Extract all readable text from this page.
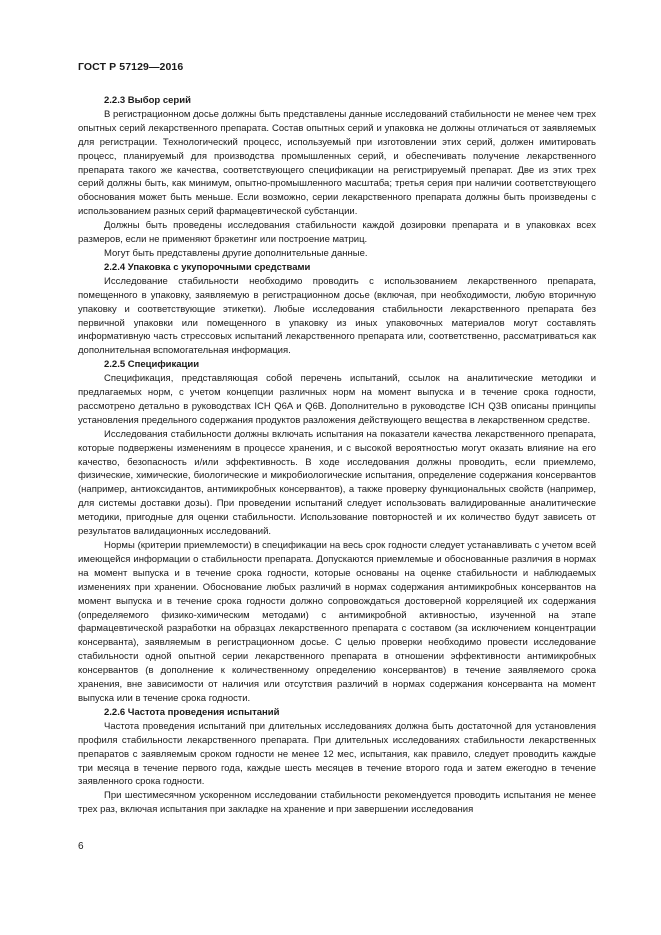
ГОСТ Р 57129—2016
2.2.3 Выбор серий

В регистрационном досье должны быть представлены данные исследований стабильности не менее чем трех опытных серий лекарственного препарата. Состав опытных серий и упаковка не должны отличаться от заявляемых для регистрации. Технологический процесс, используемый при изготовлении этих серий, должен имитировать процесс, планируемый для производства промышленных серий, и обеспечивать получение лекарственного препарата такого же качества, соответствующего спецификации на регистрируемый препарат. Две из этих трех серий должны быть, как минимум, опытно-промышленного масштаба; третья серия при наличии соответствующего обоснования может быть меньше. Если возможно, серии лекарственного препарата должны быть произведены с использованием разных серий фармацевтической субстанции.

Должны быть проведены исследования стабильности каждой дозировки препарата и в упаковках всех размеров, если не применяют брэкетинг или построение матриц.

Могут быть представлены другие дополнительные данные.

2.2.4 Упаковка с укупорочными средствами

Исследование стабильности необходимо проводить с использованием лекарственного препарата, помещенного в упаковку, заявляемую в регистрационном досье (включая, при необходимости, любую вторичную упаковку и соответствующие этикетки). Любые исследования стабильности лекарственного препарата без первичной упаковки или помещенного в упаковку из иных упаковочных материалов могут составлять информативную часть стрессовых испытаний лекарственного препарата или, соответственно, рассматриваться как дополнительная вспомогательная информация.

2.2.5 Спецификации

Спецификация, представляющая собой перечень испытаний, ссылок на аналитические методики и предлагаемых норм, с учетом концепции различных норм на момент выпуска и в течение срока годности, рассмотрено детально в руководствах ICH Q6A и Q6B. Дополнительно в руководстве ICH Q3B описаны принципы установления предельного содержания продуктов разложения действующего вещества в лекарственном средстве.

Исследования стабильности должны включать испытания на показатели качества лекарственного препарата, которые подвержены изменениям в процессе хранения, и с высокой вероятностью могут оказать влияние на его качество, безопасность и/или эффективность. В ходе исследования должны проводить, если приемлемо, физические, химические, биологические и микробиологические испытания, определение содержания консервантов (например, антиоксидантов, антимикробных консервантов), а также проверку функциональных свойств (например, для системы доставки дозы). При проведении испытаний следует использовать валидированные аналитические методики, пригодные для оценки стабильности. Использование повторностей и их количество будут зависеть от результатов валидационных исследований.

Нормы (критерии приемлемости) в спецификации на весь срок годности следует устанавливать с учетом всей имеющейся информации о стабильности препарата. Допускаются приемлемые и обоснованные различия в нормах на момент выпуска и в течение срока годности, которые основаны на оценке стабильности и наблюдаемых изменениях при хранении. Обоснование любых различий в нормах содержания антимикробных консервантов на момент выпуска и в течение срока годности должно сопровождаться достоверной корреляцией их содержания (определяемого физико-химическим методами) с антимикробной активностью, изученной на этапе фармацевтической разработки на образцах лекарственного препарата с составом (за исключением концентрации консерванта), заявляемым в регистрационном досье. С целью проверки необходимо провести исследование стабильности одной опытной серии лекарственного препарата в отношении эффективности антимикробных консервантов (в дополнение к количественному определению консервантов) в течение заявляемого срока хранения, вне зависимости от наличия или отсутствия различий в нормах содержания консерванта на момент выпуска или в течение срока годности.

2.2.6 Частота проведения испытаний

Частота проведения испытаний при длительных исследованиях должна быть достаточной для установления профиля стабильности лекарственного препарата. При длительных исследованиях стабильности лекарственных препаратов с заявляемым сроком годности не менее 12 мес, испытания, как правило, следует проводить каждые три месяца в течение первого года, каждые шесть месяцев в течение второго года и затем ежегодно в течение заявленного срока годности.

При шестимесячном ускоренном исследовании стабильности рекомендуется проводить испытания не менее трех раз, включая испытания при закладке на хранение и при завершении исследования

6
